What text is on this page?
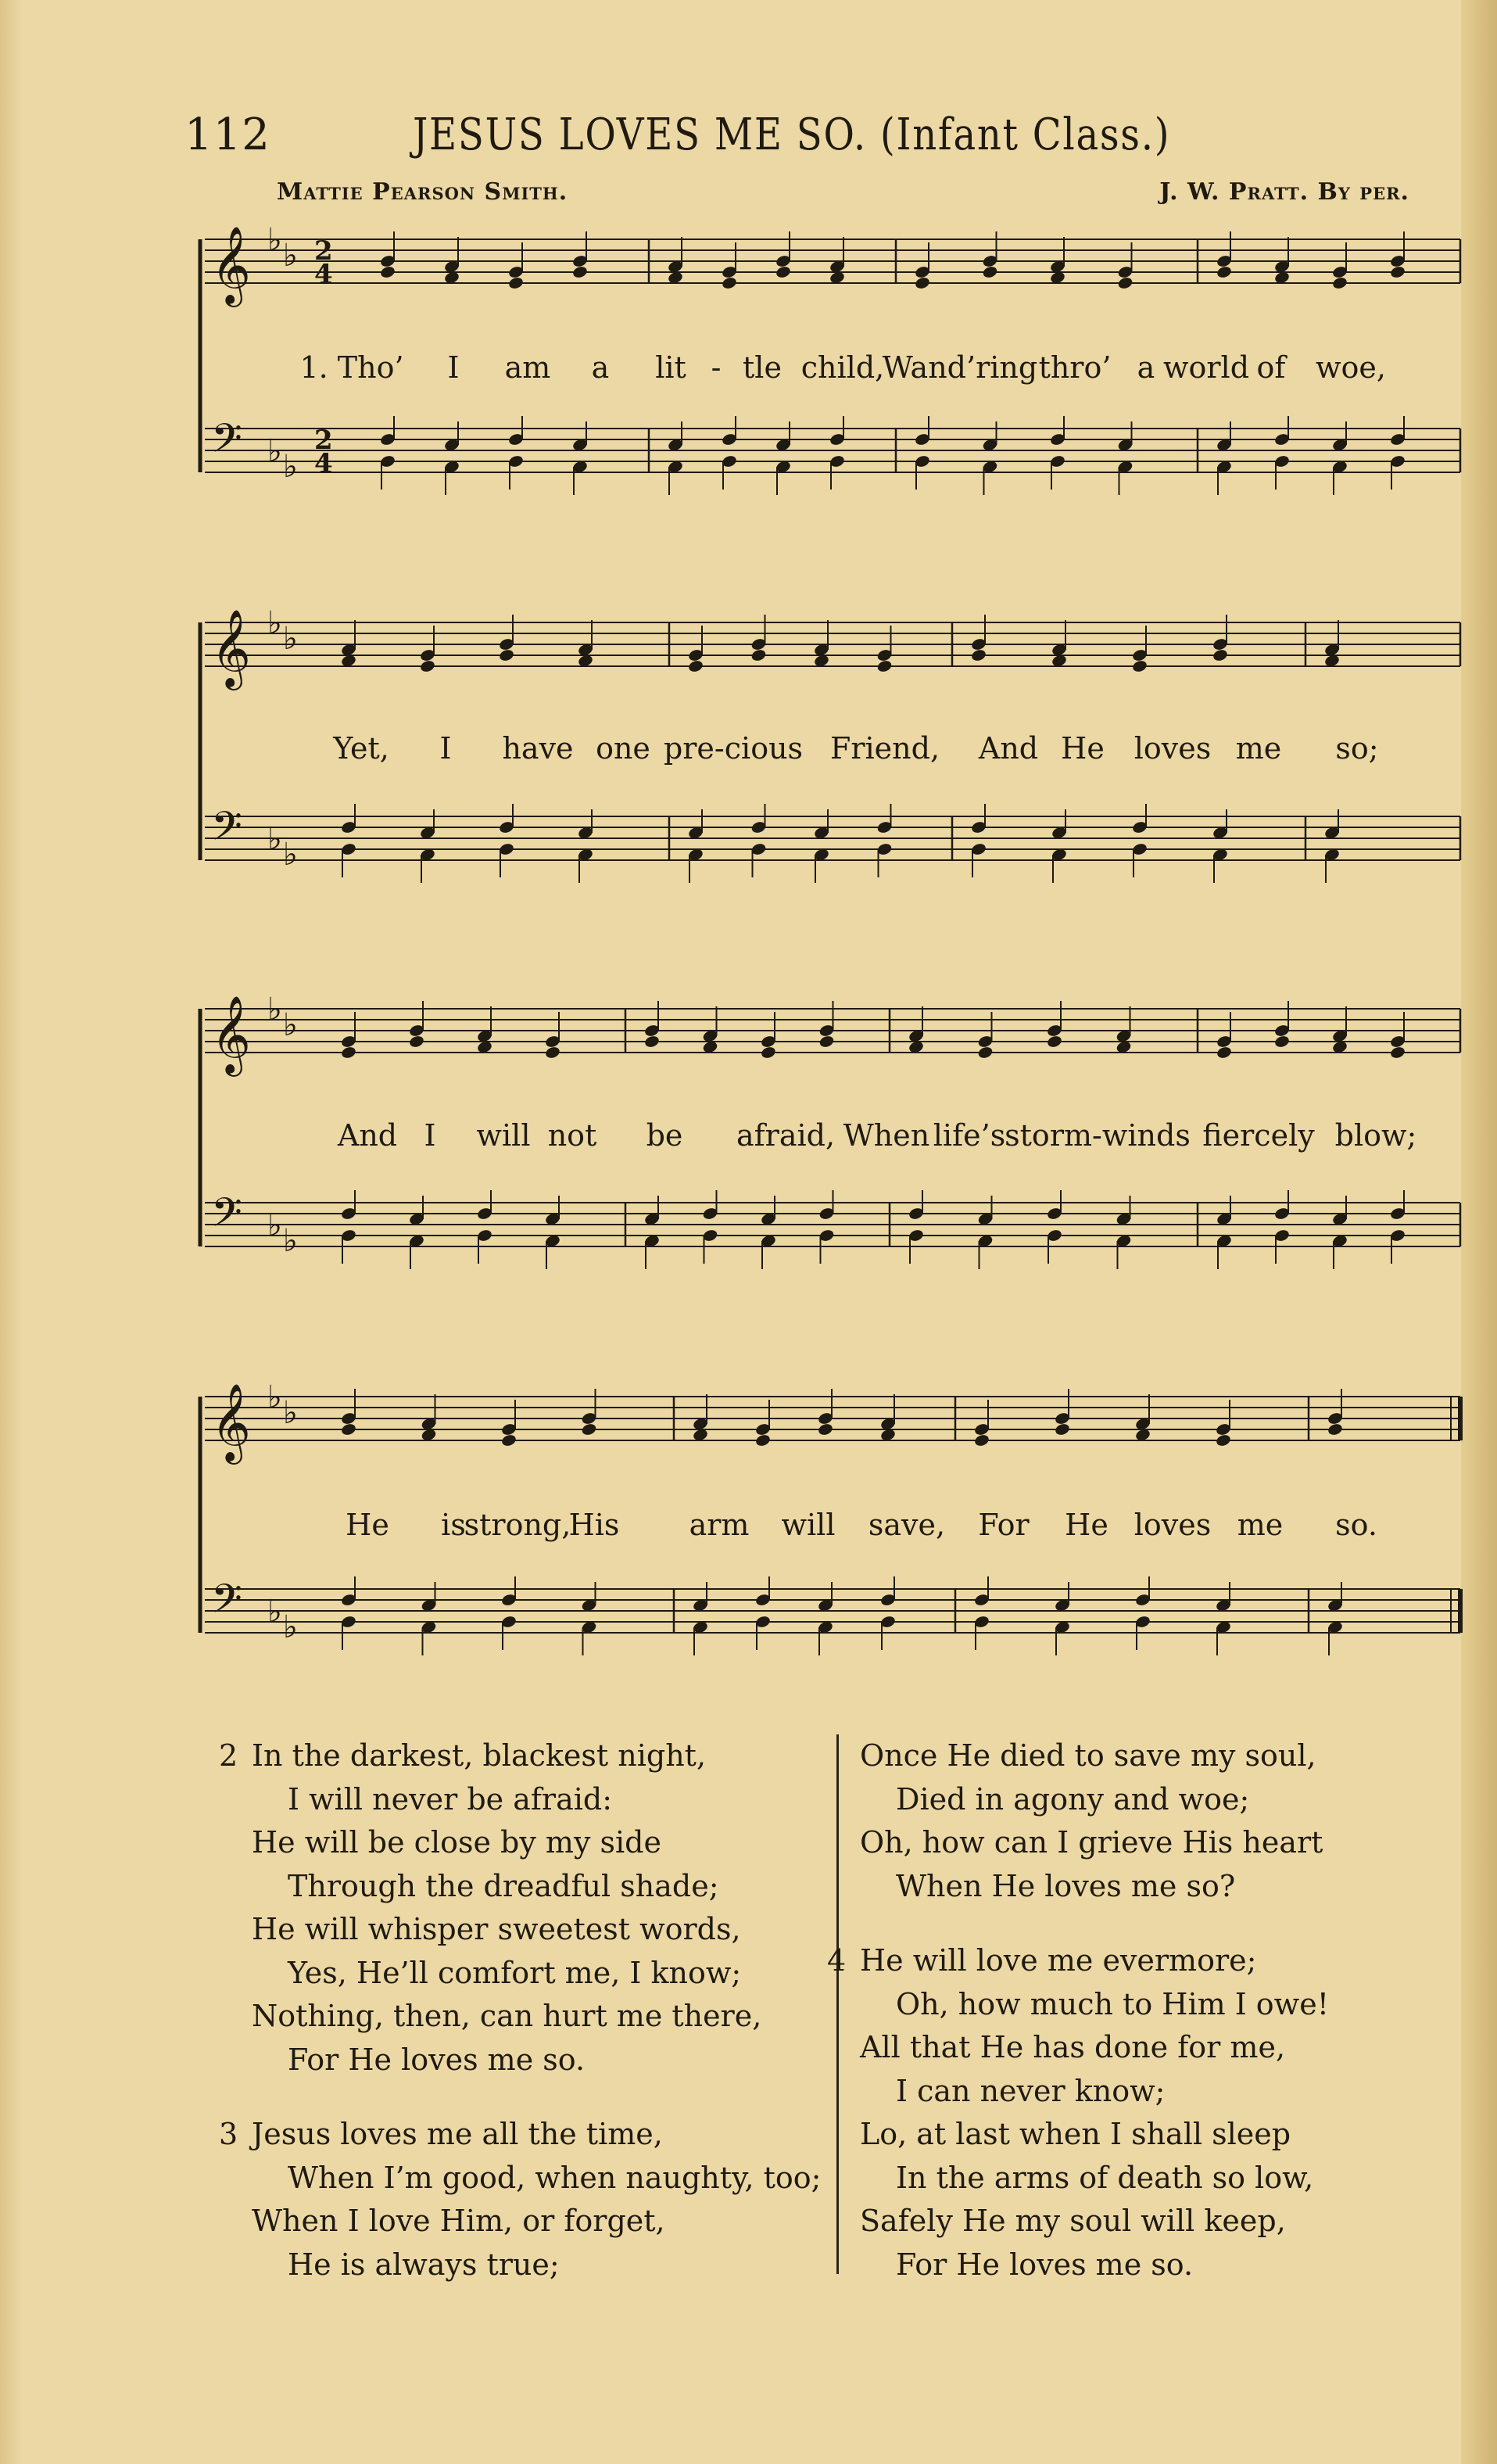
112	JESUS LOVES ME SO. (Infant Class.)
Mattie Pearson Smith.	J. W. Pratt. By per.
𝄞 ♭ ♭ 2
4
𝄢 ♭ ♭
2
4
𝄞 ♭ ♭
𝄢 ♭ ♭
𝄞 ♭ ♭
𝄢 ♭ ♭
𝄞 ♭ ♭
𝄢 ♭ ♭
1. Tho’ I am a lit - tle child,
Wand’ring thro’ a world of woe,
Yet, I have one pre-cious Friend, And He loves me so;
And I will not be afraid, When life’s
storm-winds fiercely blow;
He is
strong,
His arm will save, For He loves me so.
2 In the darkest, blackest night,
I will never be afraid:
He will be close by my side
Through the dreadful shade;
He will whisper sweetest words,
Yes, He’ll comfort me, I know;
Nothing, then, can hurt me there,
For He loves me so.
3 Jesus loves me all the time,
When I’m good, when naughty, too;
When I love Him, or forget,
He is always true;
Once He died to save my soul,
Died in agony and woe;
Oh, how can I grieve His heart
When He loves me so?
4 He will love me evermore;
Oh, how much to Him I owe!
All that He has done for me,
I can never know;
Lo, at last when I shall sleep
In the arms of death so low,
Safely He my soul will keep,
For He loves me so.
